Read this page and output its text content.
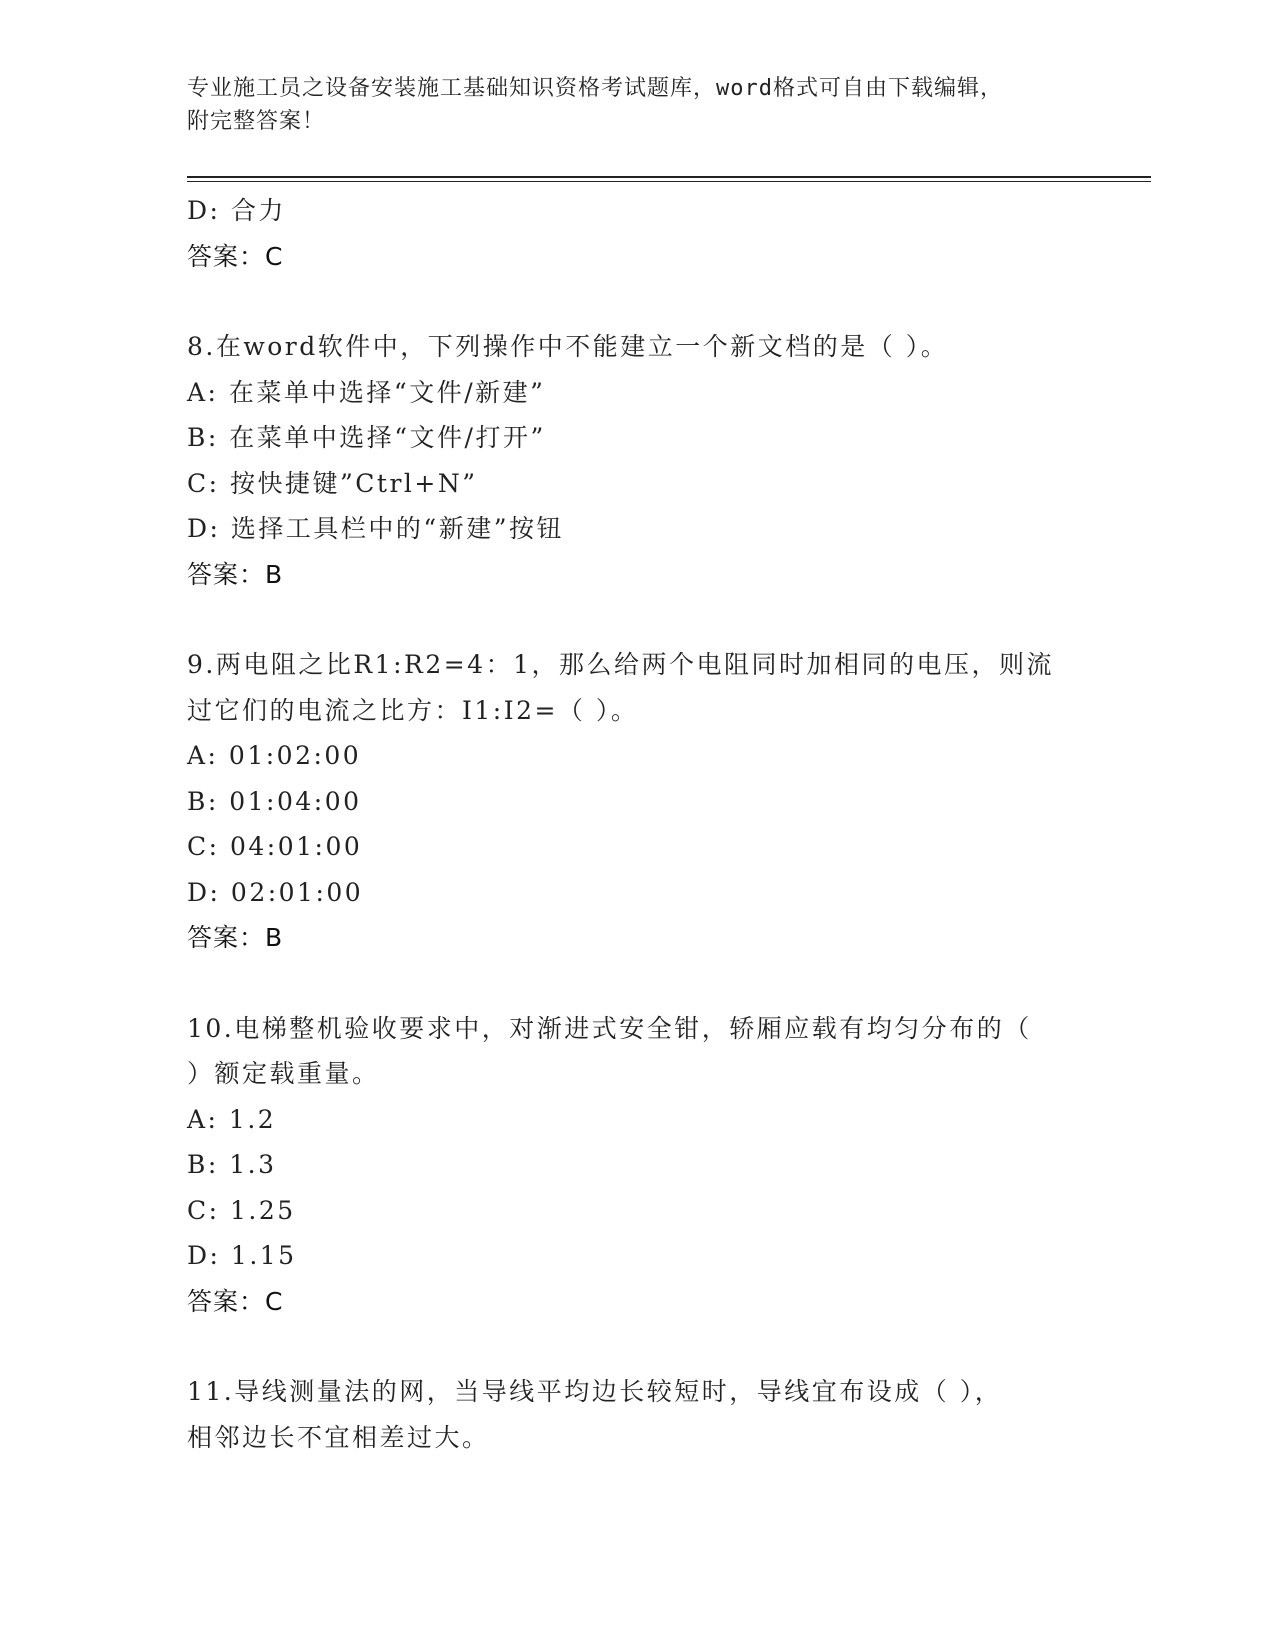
专业施工员之设备安装施工基础知识资格考试题库，word格式可自由下载编辑，
附完整答案！
D: 合力
答案：C
8.在word软件中，下列操作中不能建立一个新文档的是（ ）。
A: 在菜单中选择“文件/新建”
B: 在菜单中选择“文件/打开”
C: 按快捷键”Ctrl+N”
D: 选择工具栏中的“新建”按钮
答案：B
9.两电阻之比R1:R2=4：1，那么给两个电阻同时加相同的电压，则流
过它们的电流之比方：I1:I2=（ ）。
A: 01:02:00
B: 01:04:00
C: 04:01:00
D: 02:01:00
答案：B
10.电梯整机验收要求中，对渐进式安全钳，轿厢应载有均匀分布的（
）额定载重量。
A: 1.2
B: 1.3
C: 1.25
D: 1.15
答案：C
11.导线测量法的网，当导线平均边长较短时，导线宜布设成（ ），
相邻边长不宜相差过大。
